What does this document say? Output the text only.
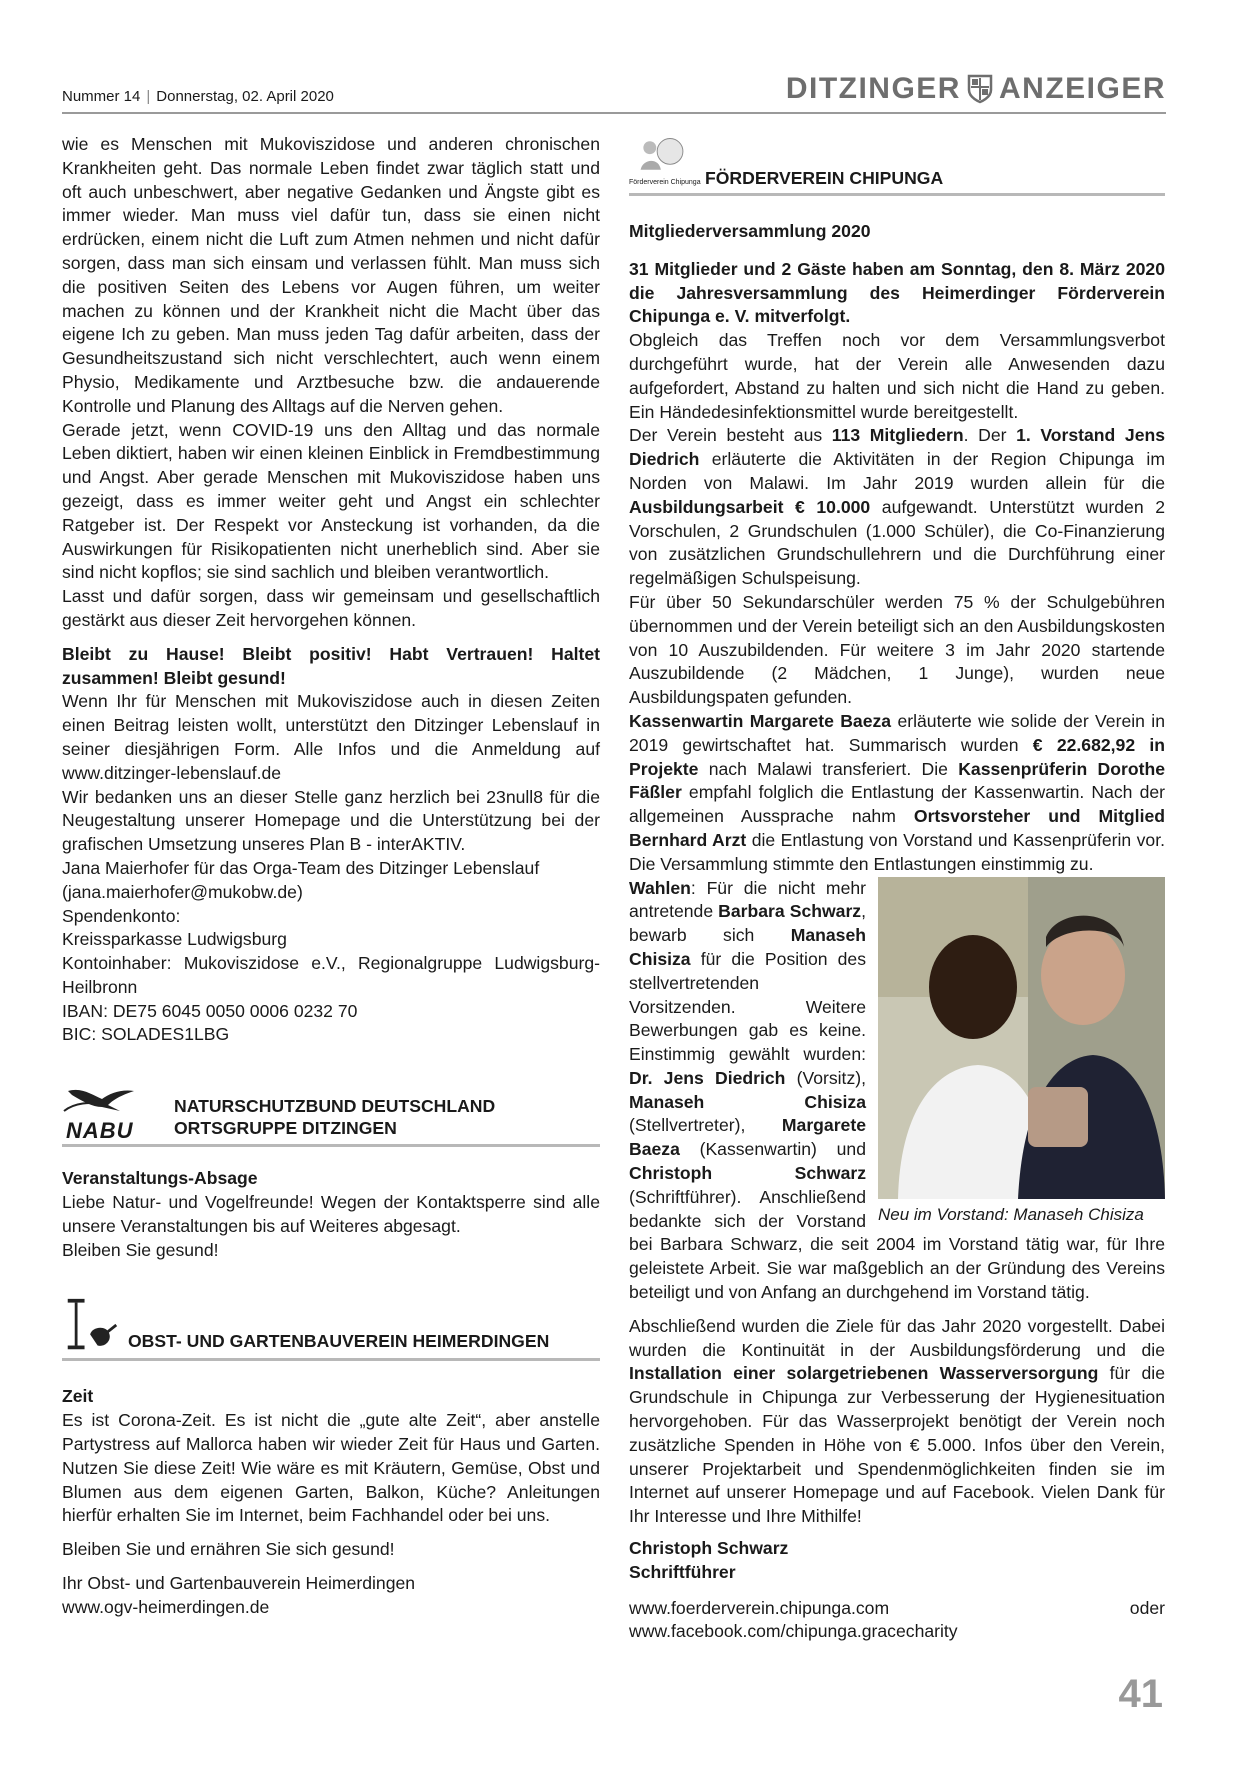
Nummer 14 | Donnerstag, 02. April 2020	DITZINGER ANZEIGER

wie es Menschen mit Mukoviszidose und anderen chronischen Krankheiten geht. Das normale Leben findet zwar täglich statt und oft auch unbeschwert, aber negative Gedanken und Ängste gibt es immer wieder. Man muss viel dafür tun, dass sie einen nicht erdrücken, einem nicht die Luft zum Atmen nehmen und nicht dafür sorgen, dass man sich einsam und verlassen fühlt. Man muss sich die positiven Seiten des Lebens vor Augen führen, um weiter machen zu können und der Krankheit nicht die Macht über das eigene Ich zu geben. Man muss jeden Tag dafür arbeiten, dass der Gesundheitszustand sich nicht verschlechtert, auch wenn einem Physio, Medikamente und Arztbesuche bzw. die andauerende Kontrolle und Planung des Alltags auf die Nerven gehen.

Gerade jetzt, wenn COVID-19 uns den Alltag und das normale Leben diktiert, haben wir einen kleinen Einblick in Fremdbestimmung und Angst. Aber gerade Menschen mit Mukoviszidose haben uns gezeigt, dass es immer weiter geht und Angst ein schlechter Ratgeber ist. Der Respekt vor Ansteckung ist vorhanden, da die Auswirkungen für Risikopatienten nicht unerheblich sind. Aber sie sind nicht kopflos; sie sind sachlich und bleiben verantwortlich.

Lasst und dafür sorgen, dass wir gemeinsam und gesellschaftlich gestärkt aus dieser Zeit hervorgehen können.

Bleibt zu Hause! Bleibt positiv! Habt Vertrauen! Haltet zusammen! Bleibt gesund!

Wenn Ihr für Menschen mit Mukoviszidose auch in diesen Zeiten einen Beitrag leisten wollt, unterstützt den Ditzinger Lebenslauf in seiner diesjährigen Form. Alle Infos und die Anmeldung auf www.ditzinger-lebenslauf.de

Wir bedanken uns an dieser Stelle ganz herzlich bei 23null8 für die Neugestaltung unserer Homepage und die Unterstützung bei der grafischen Umsetzung unseres Plan B - interAKTIV.

Jana Maierhofer für das Orga-Team des Ditzinger Lebenslauf

(jana.maierhofer@mukobw.de)

Spendenkonto:

Kreissparkasse Ludwigsburg

Kontoinhaber: Mukoviszidose e.V., Regionalgruppe Ludwigsburg-Heilbronn

IBAN: DE75 6045 0050 0006 0232 70

BIC: SOLADES1LBG

NABU
NATURSCHUTZBUND DEUTSCHLAND
ORTSGRUPPE DITZINGEN

Veranstaltungs-Absage

Liebe Natur- und Vogelfreunde! Wegen der Kontaktsperre sind alle unsere Veranstaltungen bis auf Weiteres abgesagt.

Bleiben Sie gesund!

OBST- UND GARTENBAUVEREIN HEIMERDINGEN

Zeit

Es ist Corona-Zeit. Es ist nicht die „gute alte Zeit“, aber anstelle Partystress auf Mallorca haben wir wieder Zeit für Haus und Garten. Nutzen Sie diese Zeit! Wie wäre es mit Kräutern, Gemüse, Obst und Blumen aus dem eigenen Garten, Balkon, Küche? Anleitungen hierfür erhalten Sie im Internet, beim Fachhandel oder bei uns.

Bleiben Sie und ernähren Sie sich gesund!

Ihr Obst- und Gartenbauverein Heimerdingen

www.ogv-heimerdingen.de

Förderverein Chipunga FÖRDERVEREIN CHIPUNGA

Mitgliederversammlung 2020

31 Mitglieder und 2 Gäste haben am Sonntag, den 8. März 2020 die Jahresversammlung des Heimerdinger Förderverein Chipunga e. V. mitverfolgt.

Obgleich das Treffen noch vor dem Versammlungsverbot durchgeführt wurde, hat der Verein alle Anwesenden dazu aufgefordert, Abstand zu halten und sich nicht die Hand zu geben. Ein Händedesinfektionsmittel wurde bereitgestellt.

Der Verein besteht aus 113 Mitgliedern. Der 1. Vorstand Jens Diedrich erläuterte die Aktivitäten in der Region Chipunga im Norden von Malawi. Im Jahr 2019 wurden allein für die Ausbildungsarbeit € 10.000 aufgewandt. Unterstützt wurden 2 Vorschulen, 2 Grundschulen (1.000 Schüler), die Co-Finanzierung von zusätzlichen Grundschullehrern und die Durchführung einer regelmäßigen Schulspeisung.

Für über 50 Sekundarschüler werden 75 % der Schulgebühren übernommen und der Verein beteiligt sich an den Ausbildungskosten von 10 Auszubildenden. Für weitere 3 im Jahr 2020 startende Auszubildende (2 Mädchen, 1 Junge), wurden neue Ausbildungspaten gefunden.

Kassenwartin Margarete Baeza erläuterte wie solide der Verein in 2019 gewirtschaftet hat. Summarisch wurden € 22.682,92 in Projekte nach Malawi transferiert. Die Kassenprüferin Dorothe Fäßler empfahl folglich die Entlastung der Kassenwartin. Nach der allgemeinen Aussprache nahm Ortsvorsteher und Mitglied Bernhard Arzt die Entlastung von Vorstand und Kassenprüferin vor. Die Versammlung stimmte den Entlastungen einstimmig zu.

Neu im Vorstand: Manaseh Chisiza

Wahlen: Für die nicht mehr antretende Barbara Schwarz, bewarb sich Manaseh Chisiza für die Position des stellvertretenden Vorsitzenden. Weitere Bewerbungen gab es keine. Einstimmig gewählt wurden: Dr. Jens Diedrich (Vorsitz), Manaseh Chisiza (Stellvertreter), Margarete Baeza (Kassenwartin) und Christoph Schwarz (Schriftführer). Anschließend bedankte sich der Vorstand bei Barbara Schwarz, die seit 2004 im Vorstand tätig war, für Ihre geleistete Arbeit. Sie war maßgeblich an der Gründung des Vereins beteiligt und von Anfang an durchgehend im Vorstand tätig.

Abschließend wurden die Ziele für das Jahr 2020 vorgestellt. Dabei wurden die Kontinuität in der Ausbildungsförderung und die Installation einer solargetriebenen Wasserversorgung für die Grundschule in Chipunga zur Verbesserung der Hygienesituation hervorgehoben. Für das Wasserprojekt benötigt der Verein noch zusätzliche Spenden in Höhe von € 5.000. Infos über den Verein, unserer Projektarbeit und Spendenmöglichkeiten finden sie im Internet auf unserer Homepage und auf Facebook. Vielen Dank für Ihr Interesse und Ihre Mithilfe!

Christoph Schwarz

Schriftführer

www.foerderverein.chipunga.com oder www.facebook.com/chipunga.gracecharity

41
